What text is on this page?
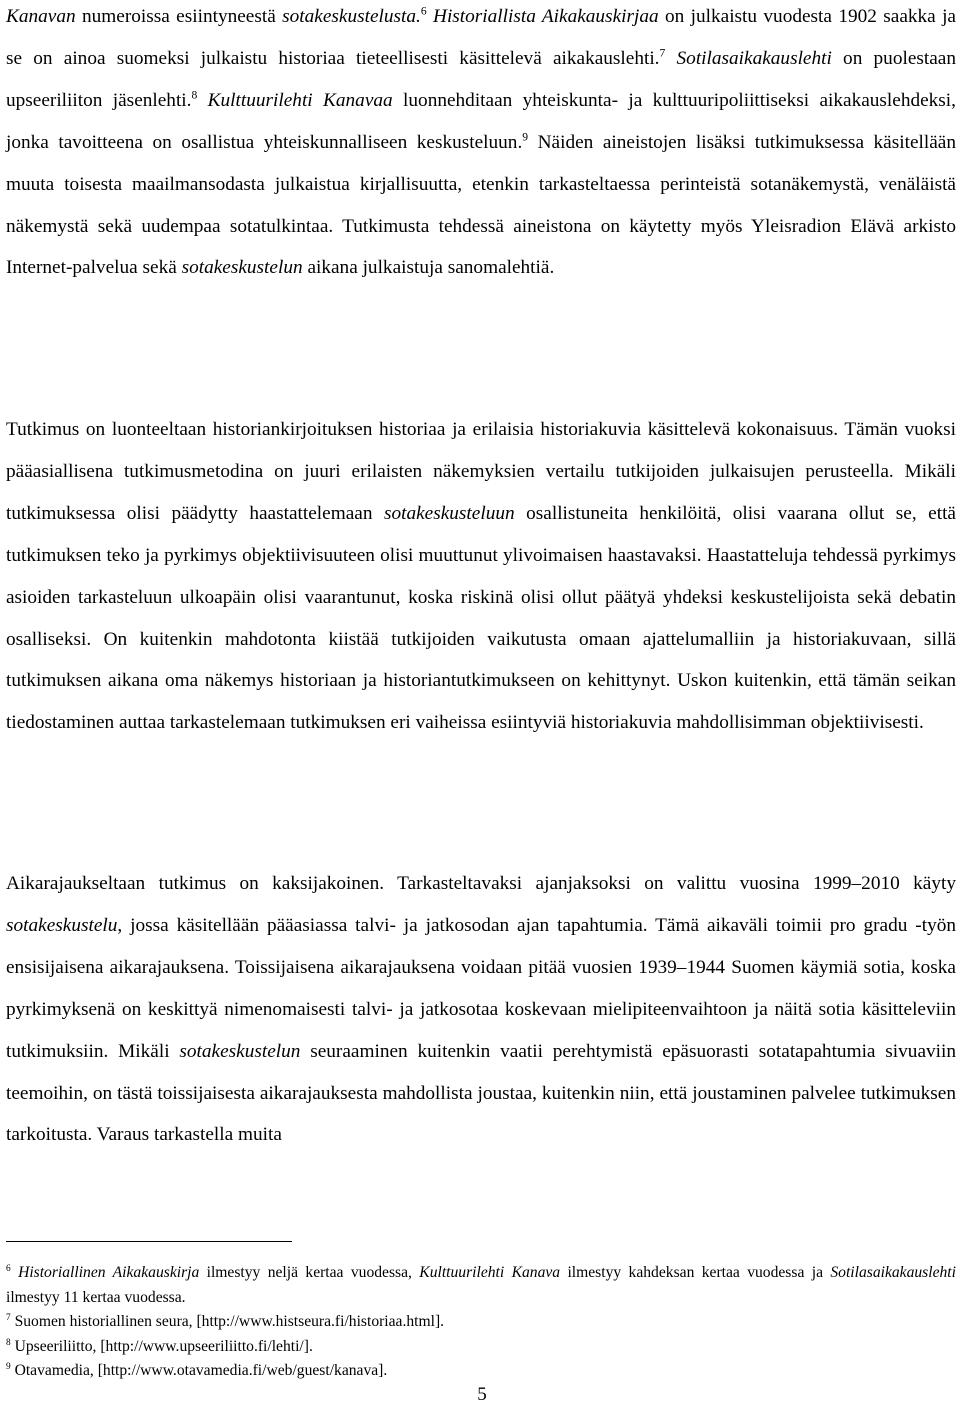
Kanavan numeroissa esiintyneestä sotakeskustelusta.$^6$ Historiallista Aikakauskirjaa on julkaistu vuodesta 1902 saakka ja se on ainoa suomeksi julkaistu historiaa tieteellisesti käsittelevä aikakauslehti.$^7$ Sotilasaikakauslehti on puolestaan upseeriliiton jäsenlehti.$^8$ Kulttuurilehti Kanavaa luonnehditaan yhteiskunta- ja kulttuuripoliittiseksi aikakauslehdeksi, jonka tavoitteena on osallistua yhteiskunnalliseen keskusteluun.$^9$ Näiden aineistojen lisäksi tutkimuksessa käsitellään muuta toisesta maailmansodasta julkaistua kirjallisuutta, etenkin tarkasteltaessa perinteistä sotanäkemystä, venäläistä näkemystä sekä uudempaa sotatulkintaa. Tutkimusta tehdessä aineistona on käytetty myös Yleisradion Elävä arkisto Internet-palvelua sekä sotakeskustelun aikana julkaistuja sanomalehtiä.

Tutkimus on luonteeltaan historiankirjoituksen historiaa ja erilaisia historiakuvia käsittelevä kokonaisuus. Tämän vuoksi pääasiallisena tutkimusmetodina on juuri erilaisten näkemyksien vertailu tutkijoiden julkaisujen perusteella. Mikäli tutkimuksessa olisi päädytty haastattelemaan sotakeskusteluun osallistuneita henkilöitä, olisi vaarana ollut se, että tutkimuksen teko ja pyrkimys objektiivisuuteen olisi muuttunut ylivoimaisen haastavaksi. Haastatteluja tehdessä pyrkimys asioiden tarkasteluun ulkoapäin olisi vaarantunut, koska riskinä olisi ollut päätyä yhdeksi keskustelijoista sekä debatin osalliseksi. On kuitenkin mahdotonta kiistää tutkijoiden vaikutusta omaan ajattelumalliin ja historiakuvaan, sillä tutkimuksen aikana oma näkemys historiaan ja historiantutkimukseen on kehittynyt. Uskon kuitenkin, että tämän seikan tiedostaminen auttaa tarkastelemaan tutkimuksen eri vaiheissa esiintyviä historiakuvia mahdollisimman objektiivisesti.

Aikarajaukseltaan tutkimus on kaksijakoinen. Tarkasteltavaksi ajanjaksoksi on valittu vuosina 1999–2010 käyty sotakeskustelu, jossa käsitellään pääasiassa talvi- ja jatkosodan ajan tapahtumia. Tämä aikaväli toimii pro gradu -työn ensisijaisena aikarajauksena. Toissijaisena aikarajauksena voidaan pitää vuosien 1939–1944 Suomen käymiä sotia, koska pyrkimyksenä on keskittyä nimenomaisesti talvi- ja jatkosotaa koskevaan mielipiteenvaihtoon ja näitä sotia käsitteleviin tutkimuksiin. Mikäli sotakeskustelun seuraaminen kuitenkin vaatii perehtymistä epäsuorasti sotatapahtumia sivuaviin teemoihin, on tästä toissijaisesta aikarajauksesta mahdollista joustaa, kuitenkin niin, että joustaminen palvelee tutkimuksen tarkoitusta. Varaus tarkastella muita

$^6$ Historiallinen Aikakauskirja ilmestyy neljä kertaa vuodessa, Kulttuurilehti Kanava ilmestyy kahdeksan kertaa vuodessa ja Sotilasaikakauslehti ilmestyy 11 kertaa vuodessa.

$^7$ Suomen historiallinen seura, [http://www.histseura.fi/historiaa.html].

$^8$ Upseeriliitto, [http://www.upseeriliitto.fi/lehti/].

$^9$ Otavamedia, [http://www.otavamedia.fi/web/guest/kanava].

5
